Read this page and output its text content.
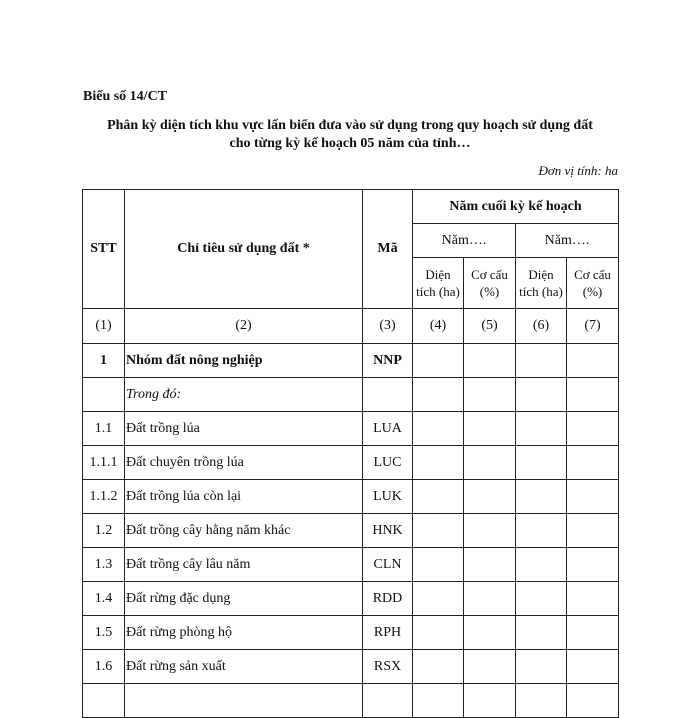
Biểu số 14/CT
Phân kỳ diện tích khu vực lấn biển đưa vào sử dụng trong quy hoạch sử dụng đất
cho từng kỳ kế hoạch 05 năm của tỉnh…
Đơn vị tính: ha
STT	Chỉ tiêu sử dụng đất *	Mã	Năm cuối kỳ kế hoạch			
			Năm….		Năm….	
			Diện tích (ha)	Cơ cấu (%)	Diện tích (ha)	Cơ cấu (%)
(1)	(2)	(3)	(4)	(5)	(6)	(7)
1	Nhóm đất nông nghiệp	NNP				
	Trong đó:					
1.1	Đất trồng lúa	LUA				
1.1.1	Đất chuyên trồng lúa	LUC				
1.1.2	Đất trồng lúa còn lại	LUK				
1.2	Đất trồng cây hằng năm khác	HNK				
1.3	Đất trồng cây lâu năm	CLN				
1.4	Đất rừng đặc dụng	RDD				
1.5	Đất rừng phòng hộ	RPH				
1.6	Đất rừng sản xuất	RSX				
